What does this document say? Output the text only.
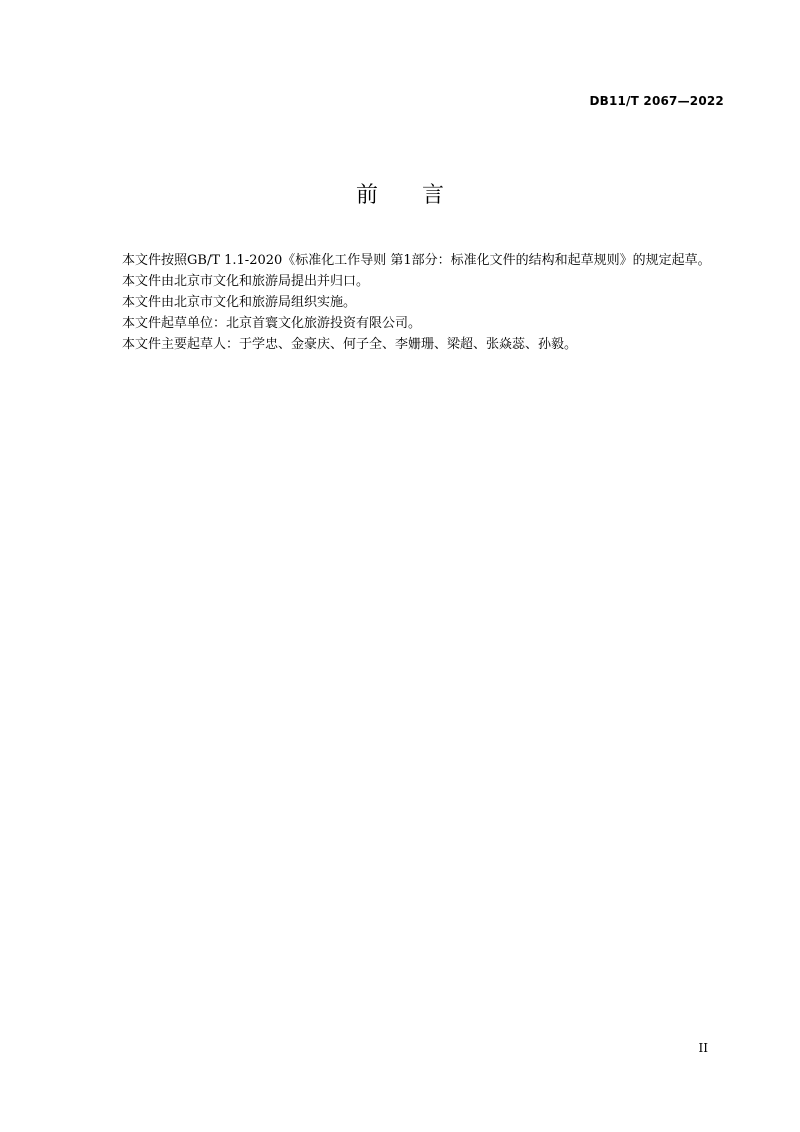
DB11/T 2067—2022
前 言

本文件按照GB/T 1.1-2020《标准化工作导则 第1部分：标准化文件的结构和起草规则》的规定起草。

本文件由北京市文化和旅游局提出并归口。

本文件由北京市文化和旅游局组织实施。

本文件起草单位：北京首寰文化旅游投资有限公司。

本文件主要起草人：于学忠、金豪庆、何子全、李姗珊、梁超、张焱蕊、孙毅。

II
